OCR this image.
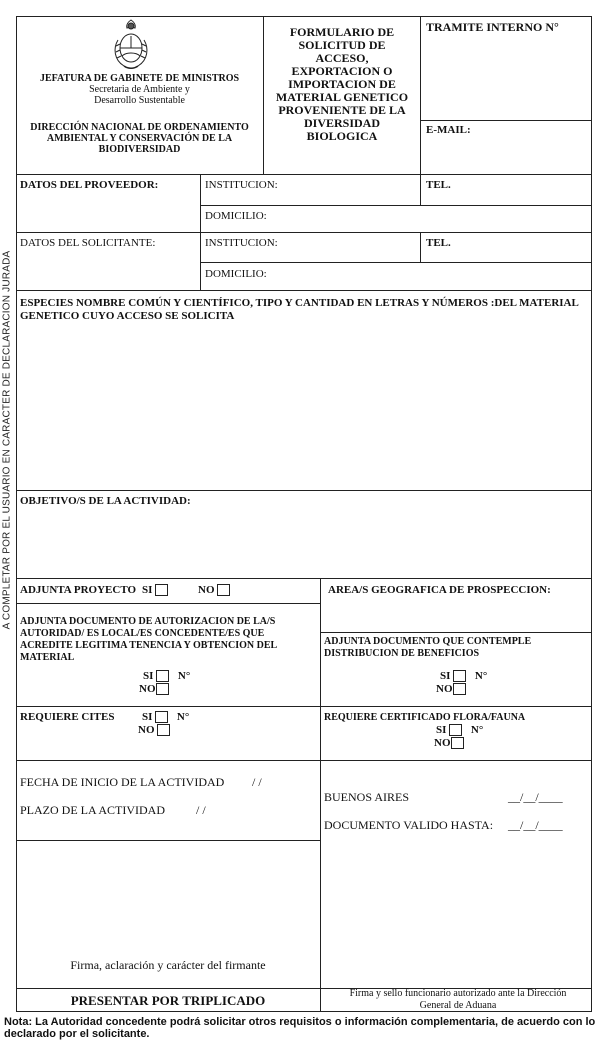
A COMPLETAR POR EL USUARIO EN CARACTER DE DECLARACION JURADA
JEFATURA DE GABINETE DE MINISTROS
Secretaria de Ambiente y
Desarrollo Sustentable
DIRECCIÓN NACIONAL DE ORDENAMIENTO
AMBIENTAL Y CONSERVACIÓN DE LA
BIODIVERSIDAD
FORMULARIO DE SOLICITUD DE ACCESO, EXPORTACION O IMPORTACION DE MATERIAL GENETICO PROVENIENTE DE LA DIVERSIDAD BIOLOGICA
TRAMITE INTERNO N°
E-MAIL:
DATOS DEL PROVEEDOR:	INSTITUCION:	TEL.
DOMICILIO:
DATOS DEL SOLICITANTE:	INSTITUCION:	TEL.
DOMICILIO:
ESPECIES NOMBRE COMÚN Y CIENTÍFICO, TIPO Y CANTIDAD EN LETRAS Y NÚMEROS :DEL MATERIAL GENETICO CUYO ACCESO SE SOLICITA
OBJETIVO/S DE LA ACTIVIDAD:
ADJUNTA PROYECTO SI	NO	AREA/S GEOGRAFICA DE PROSPECCION:
ADJUNTA DOCUMENTO DE AUTORIZACION DE LA/S AUTORIDAD/ ES LOCAL/ES CONCEDENTE/ES QUE ACREDITE LEGITIMA TENENCIA Y OBTENCION DEL MATERIAL
SI N°
NO
ADJUNTA DOCUMENTO QUE CONTEMPLE DISTRIBUCION DE BENEFICIOS
SI N°
NO
REQUIERE CITES	SI N°
NO
REQUIERE CERTIFICADO FLORA/FAUNA
SI N°
NO
FECHA DE INICIO DE LA ACTIVIDAD / /
PLAZO DE LA ACTIVIDAD	/ /
BUENOS AIRES	__/__/____
DOCUMENTO VALIDO HASTA: __/__/____
Firma, aclaración y carácter del firmante
PRESENTAR POR TRIPLICADO	Firma y sello funcionario autorizado ante la Dirección General de Aduana
Nota: La Autoridad concedente podrá solicitar otros requisitos o información complementaria, de acuerdo con lo declarado por el solicitante.
